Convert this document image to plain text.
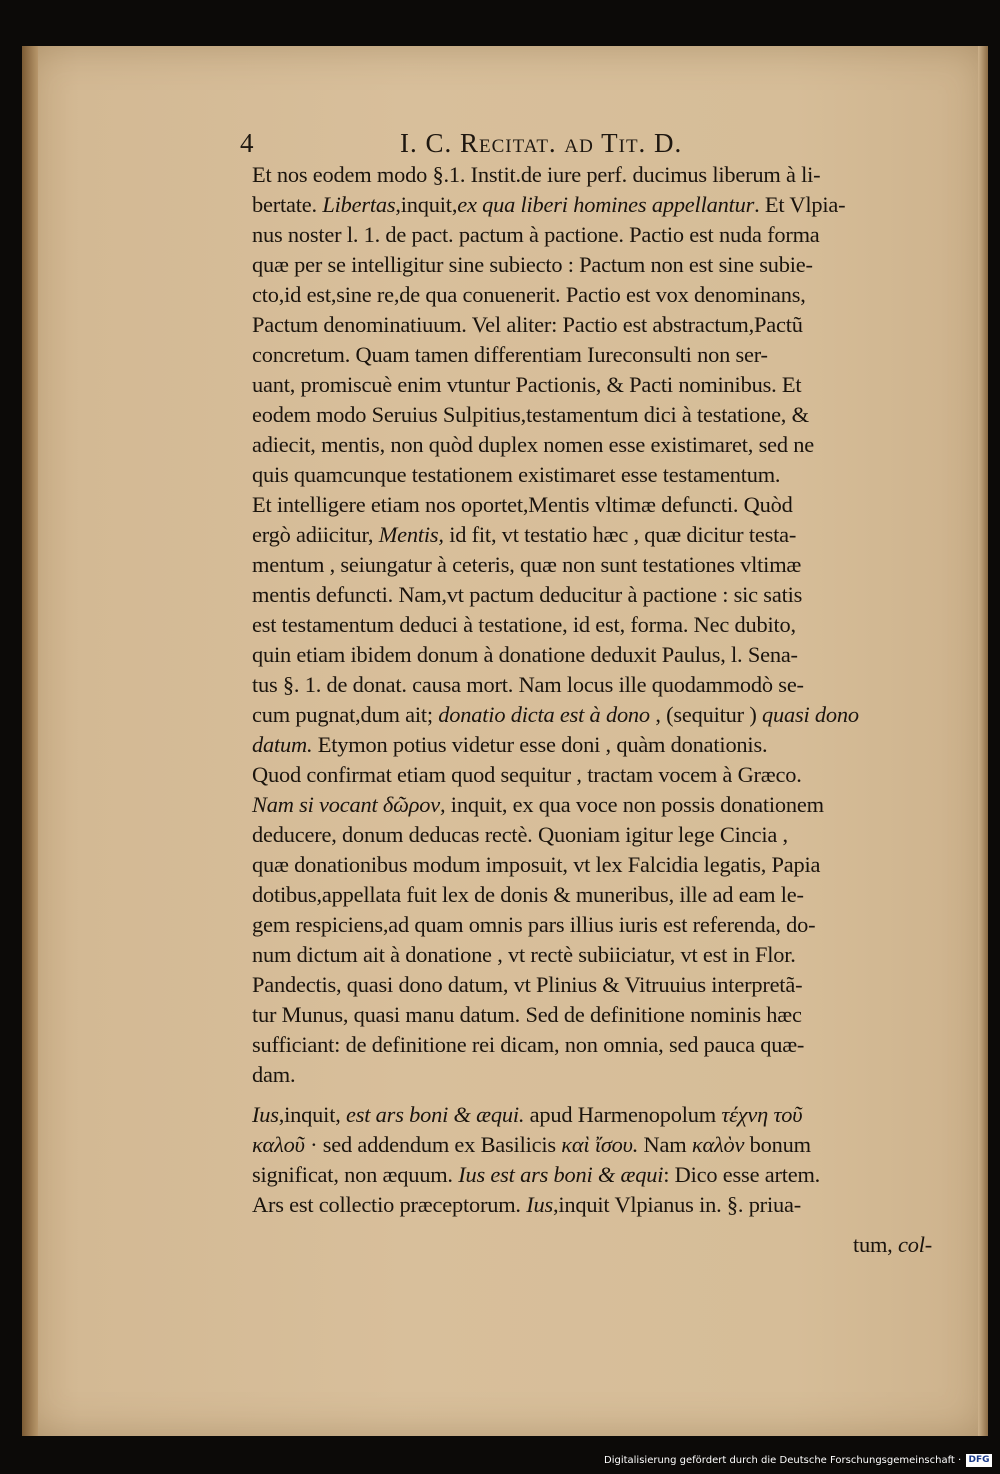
4	I. C. Recitat. ad Tit. D.
Et nos eodem modo §.1. Instit.de iure perf. ducimus liberum à li-
bertate. Libertas,inquit,ex qua liberi homines appellantur. Et Vlpia-
nus noster l. 1. de pact. pactum à pactione. Pactio est nuda forma
quæ per se intelligitur sine subiecto : Pactum non est sine subie-
cto,id est,sine re,de qua conuenerit. Pactio est vox denominans,
Pactum denominatiuum. Vel aliter: Pactio est abstractum,Pactũ
concretum. Quam tamen differentiam Iureconsulti non ser-
uant, promiscuè enim vtuntur Pactionis, & Pacti nominibus. Et
eodem modo Seruius Sulpitius,testamentum dici à testatione, &
adiecit, mentis, non quòd duplex nomen esse existimaret, sed ne
quis quamcunque testationem existimaret esse testamentum.
Et intelligere etiam nos oportet,Mentis vltimæ defuncti. Quòd
ergò adiicitur, Mentis, id fit, vt testatio hæc , quæ dicitur testa-
mentum , seiungatur à ceteris, quæ non sunt testationes vltimæ
mentis defuncti. Nam,vt pactum deducitur à pactione : sic satis
est testamentum deduci à testatione, id est, forma. Nec dubito,
quin etiam ibidem donum à donatione deduxit Paulus, l. Sena-
tus §. 1. de donat. causa mort. Nam locus ille quodammodò se-
cum pugnat,dum ait; donatio dicta est à dono , (sequitur ) quasi dono
datum. Etymon potius videtur esse doni , quàm donationis.
Quod confirmat etiam quod sequitur , tractam vocem à Græco.
Nam si vocant δῶρον, inquit, ex qua voce non possis donationem
deducere, donum deducas rectè. Quoniam igitur lege Cincia ,
quæ donationibus modum imposuit, vt lex Falcidia legatis, Papia
dotibus,appellata fuit lex de donis & muneribus, ille ad eam le-
gem respiciens,ad quam omnis pars illius iuris est referenda, do-
num dictum ait à donatione , vt rectè subiiciatur, vt est in Flor.
Pandectis, quasi dono datum, vt Plinius & Vitruuius interpretã-
tur Munus, quasi manu datum. Sed de definitione nominis hæc
sufficiant: de definitione rei dicam, non omnia, sed pauca quæ-
dam.
Ius,inquit, est ars boni & æqui. apud Harmenopolum τέχνη τοῦ
καλοῦ · sed addendum ex Basilicis καὶ ἴσου. Nam καλὸν bonum
significat, non æquum. Ius est ars boni & æqui: Dico esse artem.
Ars est collectio præceptorum. Ius,inquit Vlpianus in. §. priua-
tum, col-
Digitalisierung gefördert durch die Deutsche Forschungsgemeinschaft · DFG
